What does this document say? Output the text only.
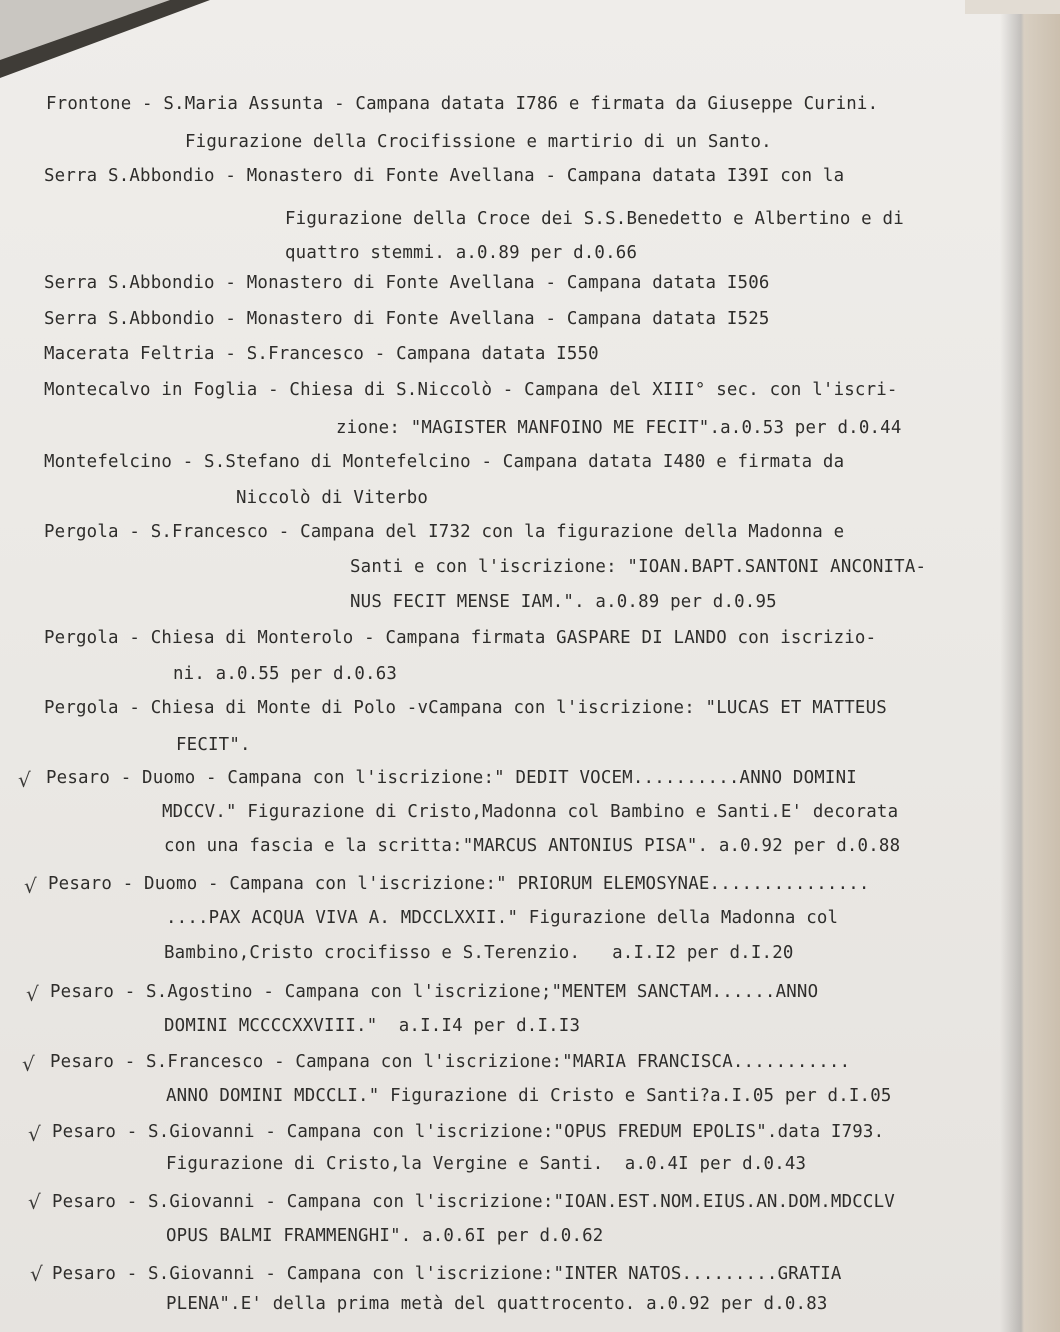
Frontone - S.Maria Assunta - Campana datata I786 e firmata da Giuseppe Curini.
Figurazione della Crocifissione e martirio di un Santo.
Serra S.Abbondio - Monastero di Fonte Avellana - Campana datata I39I con la
Figurazione della Croce dei S.S.Benedetto e Albertino e di
quattro stemmi. a.0.89 per d.0.66
Serra S.Abbondio - Monastero di Fonte Avellana - Campana datata I506
Serra S.Abbondio - Monastero di Fonte Avellana - Campana datata I525
Macerata Feltria - S.Francesco - Campana datata I550
Montecalvo in Foglia - Chiesa di S.Niccolò - Campana del XIII° sec. con l'iscri-
zione: "MAGISTER MANFOINO ME FECIT".a.0.53 per d.0.44
Montefelcino - S.Stefano di Montefelcino - Campana datata I480 e firmata da
Niccolò di Viterbo
Pergola - S.Francesco - Campana del I732 con la figurazione della Madonna e
Santi e con l'iscrizione: "IOAN.BAPT.SANTONI ANCONITA-
NUS FECIT MENSE IAM.". a.0.89 per d.0.95
Pergola - Chiesa di Monterolo - Campana firmata GASPARE DI LANDO con iscrizio-
ni. a.0.55 per d.0.63
Pergola - Chiesa di Monte di Polo -vCampana con l'iscrizione: "LUCAS ET MATTEUS
FECIT".
√ Pesaro - Duomo - Campana con l'iscrizione:" DEDIT VOCEM..........ANNO DOMINI
MDCCV." Figurazione di Cristo,Madonna col Bambino e Santi.E' decorata
con una fascia e la scritta:"MARCUS ANTONIUS PISA". a.0.92 per d.0.88
√ Pesaro - Duomo - Campana con l'iscrizione:" PRIORUM ELEMOSYNAE...............
....PAX ACQUA VIVA A. MDCCLXXII." Figurazione della Madonna col
Bambino,Cristo crocifisso e S.Terenzio.   a.I.I2 per d.I.20
√ Pesaro - S.Agostino - Campana con l'iscrizione;"MENTEM SANCTAM......ANNO
DOMINI MCCCCXXVIII."  a.I.I4 per d.I.I3
√ Pesaro - S.Francesco - Campana con l'iscrizione:"MARIA FRANCISCA...........
ANNO DOMINI MDCCLI." Figurazione di Cristo e Santi?a.I.05 per d.I.05
√ Pesaro - S.Giovanni - Campana con l'iscrizione:"OPUS FREDUM EPOLIS".data I793.
Figurazione di Cristo,la Vergine e Santi.  a.0.4I per d.0.43
√ Pesaro - S.Giovanni - Campana con l'iscrizione:"IOAN.EST.NOM.EIUS.AN.DOM.MDCCLV
OPUS BALMI FRAMMENGHI". a.0.6I per d.0.62
√ Pesaro - S.Giovanni - Campana con l'iscrizione:"INTER NATOS.........GRATIA
PLENA".E' della prima metà del quattrocento. a.0.92 per d.0.83
